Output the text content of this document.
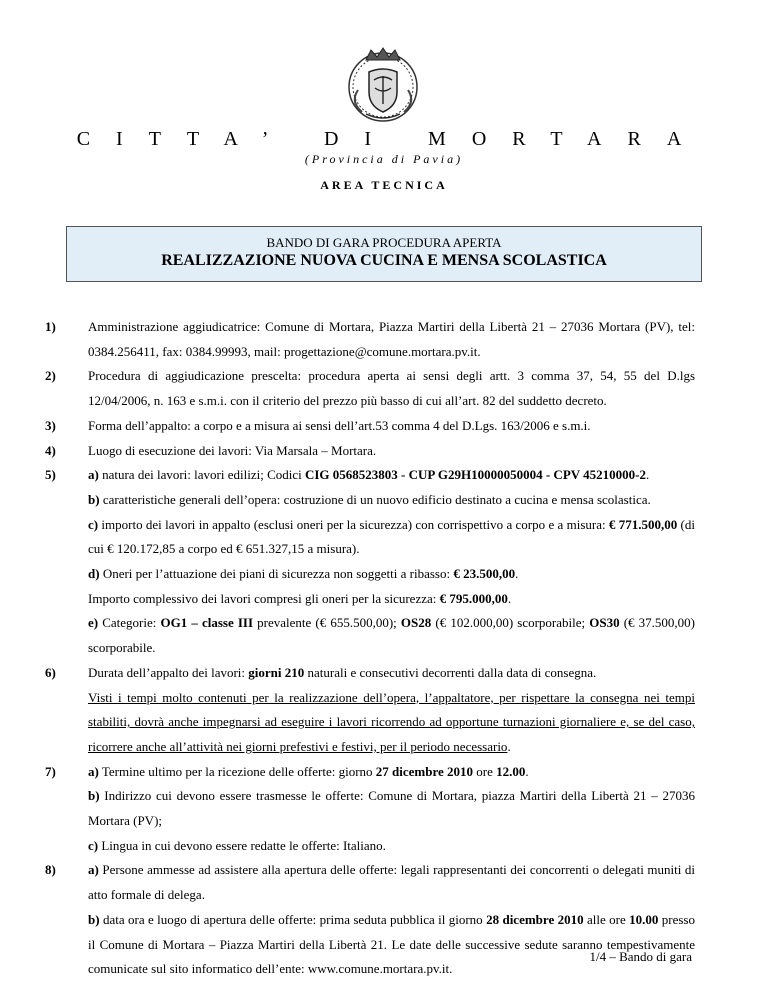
CITTA’ DI MORTARA
(Provincia di Pavia)
AREA TECNICA
BANDO DI GARA PROCEDURA APERTA
REALIZZAZIONE NUOVA CUCINA E MENSA SCOLASTICA
1)	Amministrazione aggiudicatrice: Comune di Mortara, Piazza Martiri della Libertà 21 – 27036 Mortara (PV), tel: 0384.256411, fax: 0384.99993, mail: progettazione@comune.mortara.pv.it.
2)	Procedura di aggiudicazione prescelta: procedura aperta ai sensi degli artt. 3 comma 37, 54, 55 del D.lgs 12/04/2006, n. 163 e s.m.i. con il criterio del prezzo più basso di cui all’art. 82 del suddetto decreto.
3)	Forma dell’appalto: a corpo e a misura ai sensi dell’art.53 comma 4 del D.Lgs. 163/2006 e s.m.i.
4)	Luogo di esecuzione dei lavori: Via Marsala – Mortara.
5)	a) natura dei lavori: lavori edilizi; Codici CIG 0568523803 - CUP G29H10000050004 - CPV 45210000-2.
b) caratteristiche generali dell’opera: costruzione di un nuovo edificio destinato a cucina e mensa scolastica.
c) importo dei lavori in appalto (esclusi oneri per la sicurezza) con corrispettivo a corpo e a misura: € 771.500,00 (di cui € 120.172,85 a corpo ed € 651.327,15 a misura).
d) Oneri per l’attuazione dei piani di sicurezza non soggetti a ribasso: € 23.500,00.
Importo complessivo dei lavori compresi gli oneri per la sicurezza: € 795.000,00.
e) Categorie: OG1 – classe III prevalente (€ 655.500,00); OS28 (€ 102.000,00) scorporabile; OS30 (€ 37.500,00) scorporabile.
6)	Durata dell’appalto dei lavori: giorni 210 naturali e consecutivi decorrenti dalla data di consegna.
Visti i tempi molto contenuti per la realizzazione dell’opera, l’appaltatore, per rispettare la consegna nei tempi stabiliti, dovrà anche impegnarsi ad eseguire i lavori ricorrendo ad opportune turnazioni giornaliere e, se del caso, ricorrere anche all’attività nei giorni prefestivi e festivi, per il periodo necessario.
7)	a) Termine ultimo per la ricezione delle offerte: giorno 27 dicembre 2010 ore 12.00.
b) Indirizzo cui devono essere trasmesse le offerte: Comune di Mortara, piazza Martiri della Libertà 21 – 27036 Mortara (PV);
c) Lingua in cui devono essere redatte le offerte: Italiano.
8)	a) Persone ammesse ad assistere alla apertura delle offerte: legali rappresentanti dei concorrenti o delegati muniti di atto formale di delega.
b) data ora e luogo di apertura delle offerte: prima seduta pubblica il giorno 28 dicembre 2010 alle ore 10.00 presso il Comune di Mortara – Piazza Martiri della Libertà 21. Le date delle successive sedute saranno tempestivamente comunicate sul sito informatico dell’ente: www.comune.mortara.pv.it.
1/4 – Bando di gara
